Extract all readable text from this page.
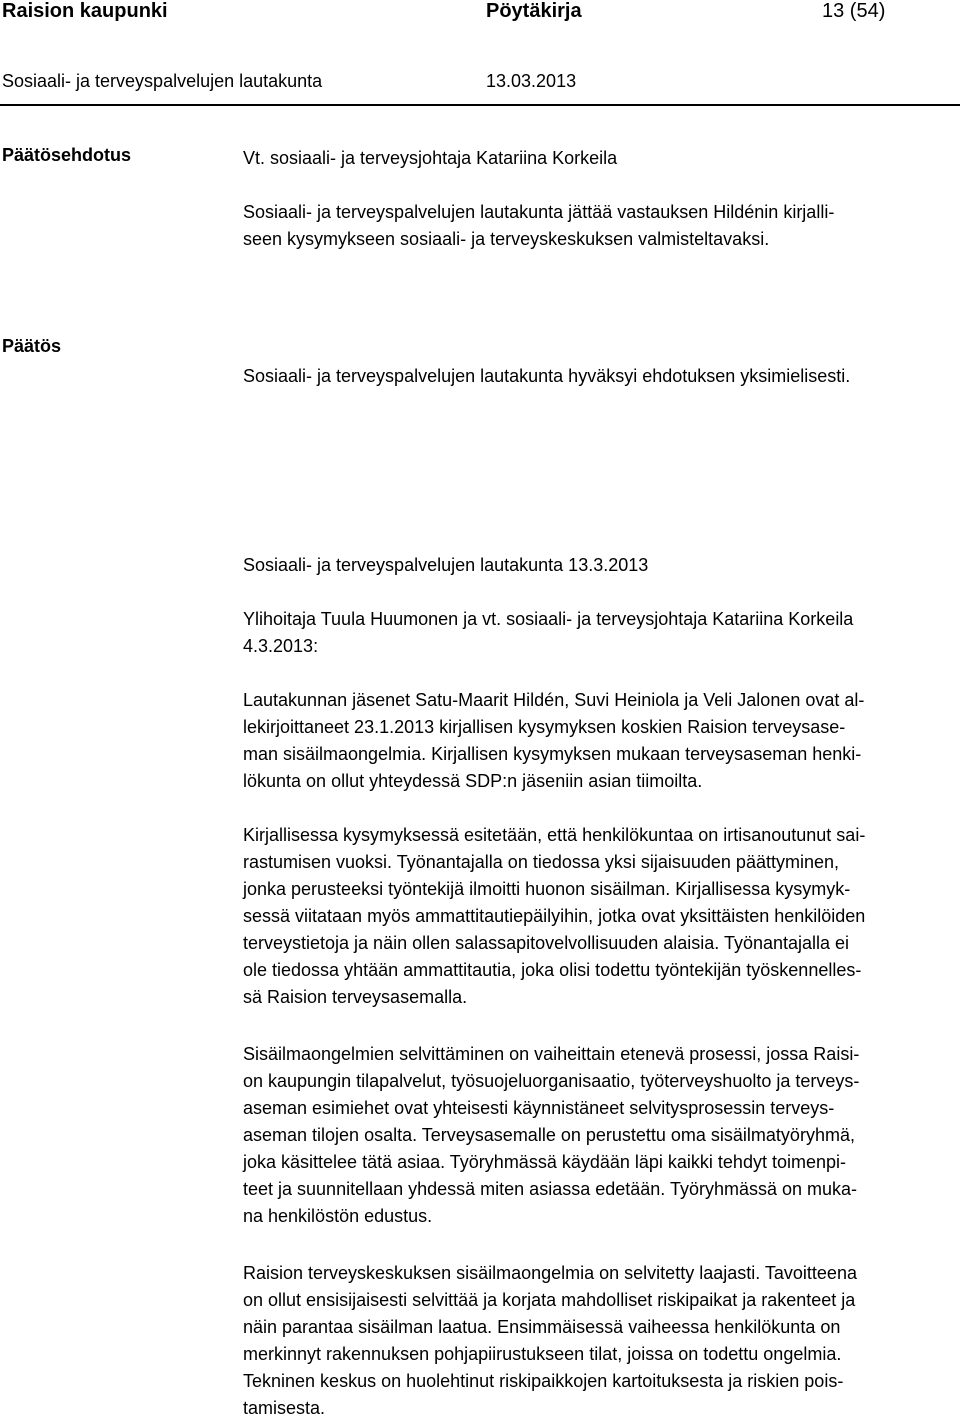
Raision kaupunki	Pöytäkirja	13 (54)
Sosiaali- ja terveyspalvelujen lautakunta	13.03.2013
Päätösehdotus	Vt. sosiaali- ja terveysjohtaja Katariina Korkeila
Sosiaali- ja terveyspalvelujen lautakunta jättää vastauksen Hildénin kirjalli-
seen kysymykseen sosiaali- ja terveyskeskuksen valmisteltavaksi.
Päätös
Sosiaali- ja terveyspalvelujen lautakunta hyväksyi ehdotuksen yksimielisesti.
Sosiaali- ja terveyspalvelujen lautakunta 13.3.2013
Ylihoitaja Tuula Huumonen ja vt. sosiaali- ja terveysjohtaja Katariina Korkeila
4.3.2013:
Lautakunnan jäsenet Satu-Maarit Hildén, Suvi Heiniola ja Veli Jalonen ovat al-
lekirjoittaneet 23.1.2013 kirjallisen kysymyksen koskien Raision terveysase-
man sisäilmaongelmia. Kirjallisen kysymyksen mukaan terveysaseman henki-
lökunta on ollut yhteydessä SDP:n jäseniin asian tiimoilta.
Kirjallisessa kysymyksessä esitetään, että henkilökuntaa on irtisanoutunut sai-
rastumisen vuoksi. Työnantajalla on tiedossa yksi sijaisuuden päättyminen,
jonka perusteeksi työntekijä ilmoitti huonon sisäilman. Kirjallisessa kysymyk-
sessä viitataan myös ammattitautiepäilyihin, jotka ovat yksittäisten henkilöiden
terveystietoja ja näin ollen salassapitovelvollisuuden alaisia. Työnantajalla ei
ole tiedossa yhtään ammattitautia, joka olisi todettu työntekijän työskennelles-
sä Raision terveysasemalla.
Sisäilmaongelmien selvittäminen on vaiheittain etenevä prosessi, jossa Raisi-
on kaupungin tilapalvelut, työsuojeluorganisaatio, työterveyshuolto ja terveys-
aseman esimiehet ovat yhteisesti käynnistäneet selvitysprosessin terveys-
aseman tilojen osalta. Terveysasemalle on perustettu oma sisäilmatyöryhmä,
joka käsittelee tätä asiaa. Työryhmässä käydään läpi kaikki tehdyt toimenpi-
teet ja suunnitellaan yhdessä miten asiassa edetään. Työryhmässä on muka-
na henkilöstön edustus.
Raision terveyskeskuksen sisäilmaongelmia on selvitetty laajasti. Tavoitteena
on ollut ensisijaisesti selvittää ja korjata mahdolliset riskipaikat ja rakenteet ja
näin parantaa sisäilman laatua. Ensimmäisessä vaiheessa henkilökunta on
merkinnyt rakennuksen pohjapiirustukseen tilat, joissa on todettu ongelmia.
Tekninen keskus on huolehtinut riskipaikkojen kartoituksesta ja riskien pois-
tamisesta.
